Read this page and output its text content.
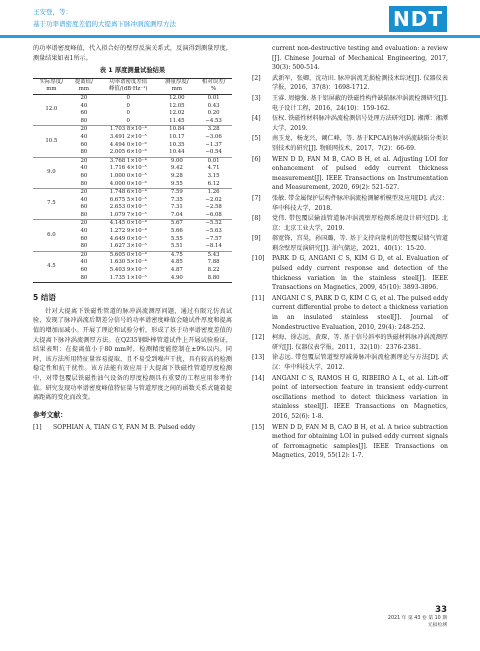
王安登，等：
基于功率谱密度差值的大提离下脉冲涡流测厚方法	NDT

的功率谱密度峰值，代入拟合好的壁厚反演关系式，反演得到测量厚度，测量结果如表1所示。

表 1 厚度测量试验结果
实际厚度/	提离值/	功率谱密度差值	测量厚度/	相对误差/
mm	mm	峰值/(dB·Hz⁻¹)	mm	%
12.0	20	0	12.00	0.01
	40	0	12.05	0.43
	60	0	12.02	0.20
	80	0	11.45	−4.53
10.5	20	1.703 8×10⁻⁴	10.84	3.28
	40	3.491 2×10⁻⁵	10.17	−3.06
	60	4.494 0×10⁻⁶	10.35	−1.37
	80	2.005 6×10⁻⁶	10.44	−0.54
9.0	20	3.768 1×10⁻⁴	9.00	0.01
	40	1.716 4×10⁻⁵	9.42	4.71
	60	1.000 0×10⁻⁵	9.28	3.15
	80	4.000 0×10⁻⁶	9.55	6.12
7.5	20	1.748 6×10⁻⁴	7.59	1.26
	40	6.675 5×10⁻⁵	7.35	−2.02
	60	2.653 0×10⁻⁵	7.31	−2.58
	80	1.079 7×10⁻⁵	7.04	−6.08
6.0	20	4.145 0×10⁻⁴	5.67	−5.52
	40	1.272 9×10⁻⁴	5.66	−5.63
	60	4.649 0×10⁻⁵	5.55	−7.57
	80	1.627 3×10⁻⁵	5.51	−8.14
4.5	20	5.605 0×10⁻⁴	4.75	5.43
	40	1.630 5×10⁻⁴	4.85	7.88
	60	5.403 9×10⁻⁵	4.87	8.22
	80	1.735 1×10⁻⁵	4.90	8.80
5 结语

针对大提离下铁磁性管道的脉冲涡流测厚问题，通过有限元仿真试验，发现了脉冲涡流后期差分信号的功率谱密度峰值会随试件厚度和提离值的增加而减小。开展了理论和试验分析，形成了基于功率谱密度差值的大提离下脉冲涡流测厚方法。在Q235钢卧棒管道试件上开展试验验证，结果表明：在提离值小于80 mm时，检测精度能控制在±9%以内。同时，该方法所用特征量容易提取，且不易受到噪声干扰，具有较高的检测稳定性和抗干扰性。该方法能有效应用于大提离下铁磁性管道厚度检测中，对带包覆层铁磁性油气设备的厚度检测具有重要的工程应用参考价值。研究发现功率谱密度峰值特征量与管道厚度之间的函数关系式随着提离距离的变化而改变。

参考文献：
[1]	SOPHIAN A, TIAN G Y, FAN M B. Pulsed eddy
current non-destructive testing and evaluation: a review [J]. Chinese Journal of Mechanical Engineering, 2017, 30(3): 500-514.
[2]	武新军，张卿，沈功田. 脉冲涡流无损检测技术综述[J]. 仪器仪表学报，2016，37(8)：1698-1712.
[3]	王睿. 周德强. 基于铝屏蔽的铁磁性构件缺陷脉冲涡流检测研究[J]. 电子设计工程，2016，24(10)：159-162.
[4]	伍权. 铁磁性材料脉冲涡流检测信号处理方法研究[D]. 湘潭：湘潭大学，2019.
[5]	南玉龙，杨龙兴，阚仁峰，等. 基于KPCA的脉冲涡流缺陷分类识别技术的研究[J]. 物联网技术，2017，7(2)：66-69.
[6]	WEN D D, FAN M B, CAO B H, et al. Adjusting LOI for enhancement of pulsed eddy current thickness measurement[J]. IEEE Transactions on Instrumentation and Measurement, 2020, 69(2): 521-527.
[7]	张敏. 带金属保护层构件脉冲涡流检测解析模型及应用[D]. 武汉：华中科技大学，2018.
[8]	党伟. 带包覆层输油管道脉冲涡流壁厚检测系统设计研究[D]. 北京：北京工业大学，2019.
[9]	郝宽锋，宫昊，孙国璐，等. 基于支持向量机的带包覆层储气管道剩余壁厚反演研究[J]. 油气储运，2021，40(1)：15-20.
[10]	PARK D G, ANGANI C S, KIM G D, et al. Evaluation of pulsed eddy current response and detection of the thickness variation in the stainless steel[J]. IEEE Transactions on Magnetics, 2009, 45(10): 3893-3896.
[11]	ANGANI C S, PARK D G, KIM C G, et al. The pulsed eddy current differential probe to detect a thickness variation in an insulated stainless steel[J]. Journal of Nondestructive Evaluation, 2010, 29(4): 248-252.
[12]	柯海，徐志远，黄琛，等. 基于信号斜率的铁磁材料脉冲涡流测厚研究[J]. 仪器仪表学报，2011，32(10)：2376-2381.
[13]	徐志远. 带包覆层管道壁厚减薄脉冲涡流检测理论与方法[D]. 武汉：华中科技大学，2012.
[14]	ANGANI C S, RAMOS H G, RIBEIRO A L, et al. Lift-off point of intersection feature in transient eddy-current oscillations method to detect thickness variation in stainless steel[J]. IEEE Transactions on Magnetics, 2016, 52(6): 1-8.
[15]	WEN D D, FAN M B, CAO B H, et al. A twice subtraction method for obtaining LOI in pulsed eddy current signals of ferromagnetic samples[J]. IEEE Transactions on Magnetics, 2019, 55(12): 1-7.
33
2021 年 第 43 卷 第 10 期
无损检测
